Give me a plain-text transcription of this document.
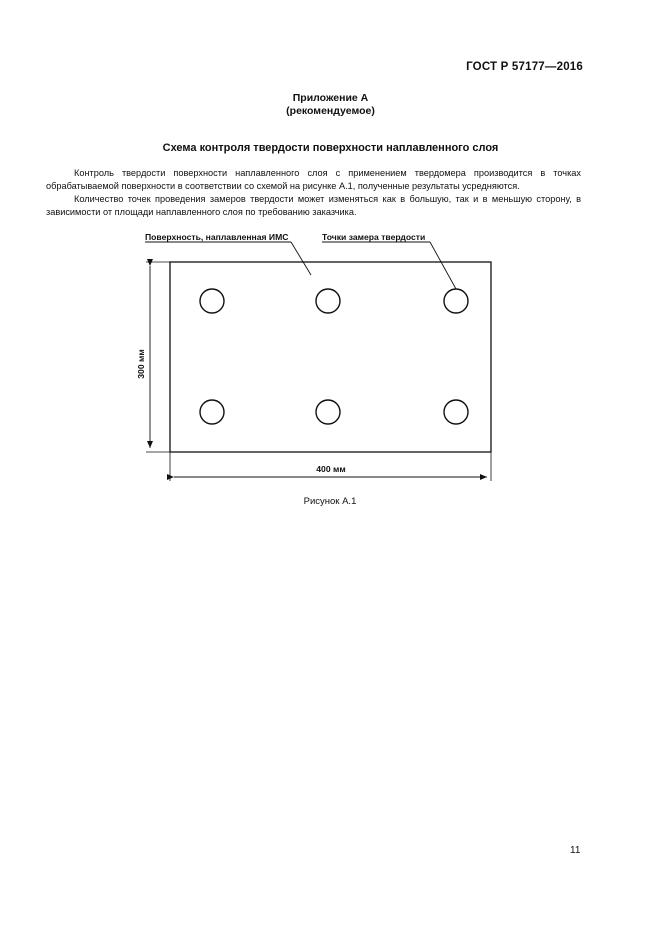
ГОСТ Р 57177—2016
Приложение А
(рекомендуемое)
Схема контроля твердости поверхности наплавленного слоя

Контроль твердости поверхности наплавленного слоя с применением твердомера производится в точках обрабатываемой поверхности в соответствии со схемой на рисунке А.1, полученные результаты усредняются.

Количество точек проведения замеров твердости может изменяться как в большую, так и в меньшую сторону, в зависимости от площади наплавленного слоя по требованию заказчика.

Поверхность, наплавленная ИМС	Точки замера твердости
300 мм
400 мм
Рисунок А.1
11
